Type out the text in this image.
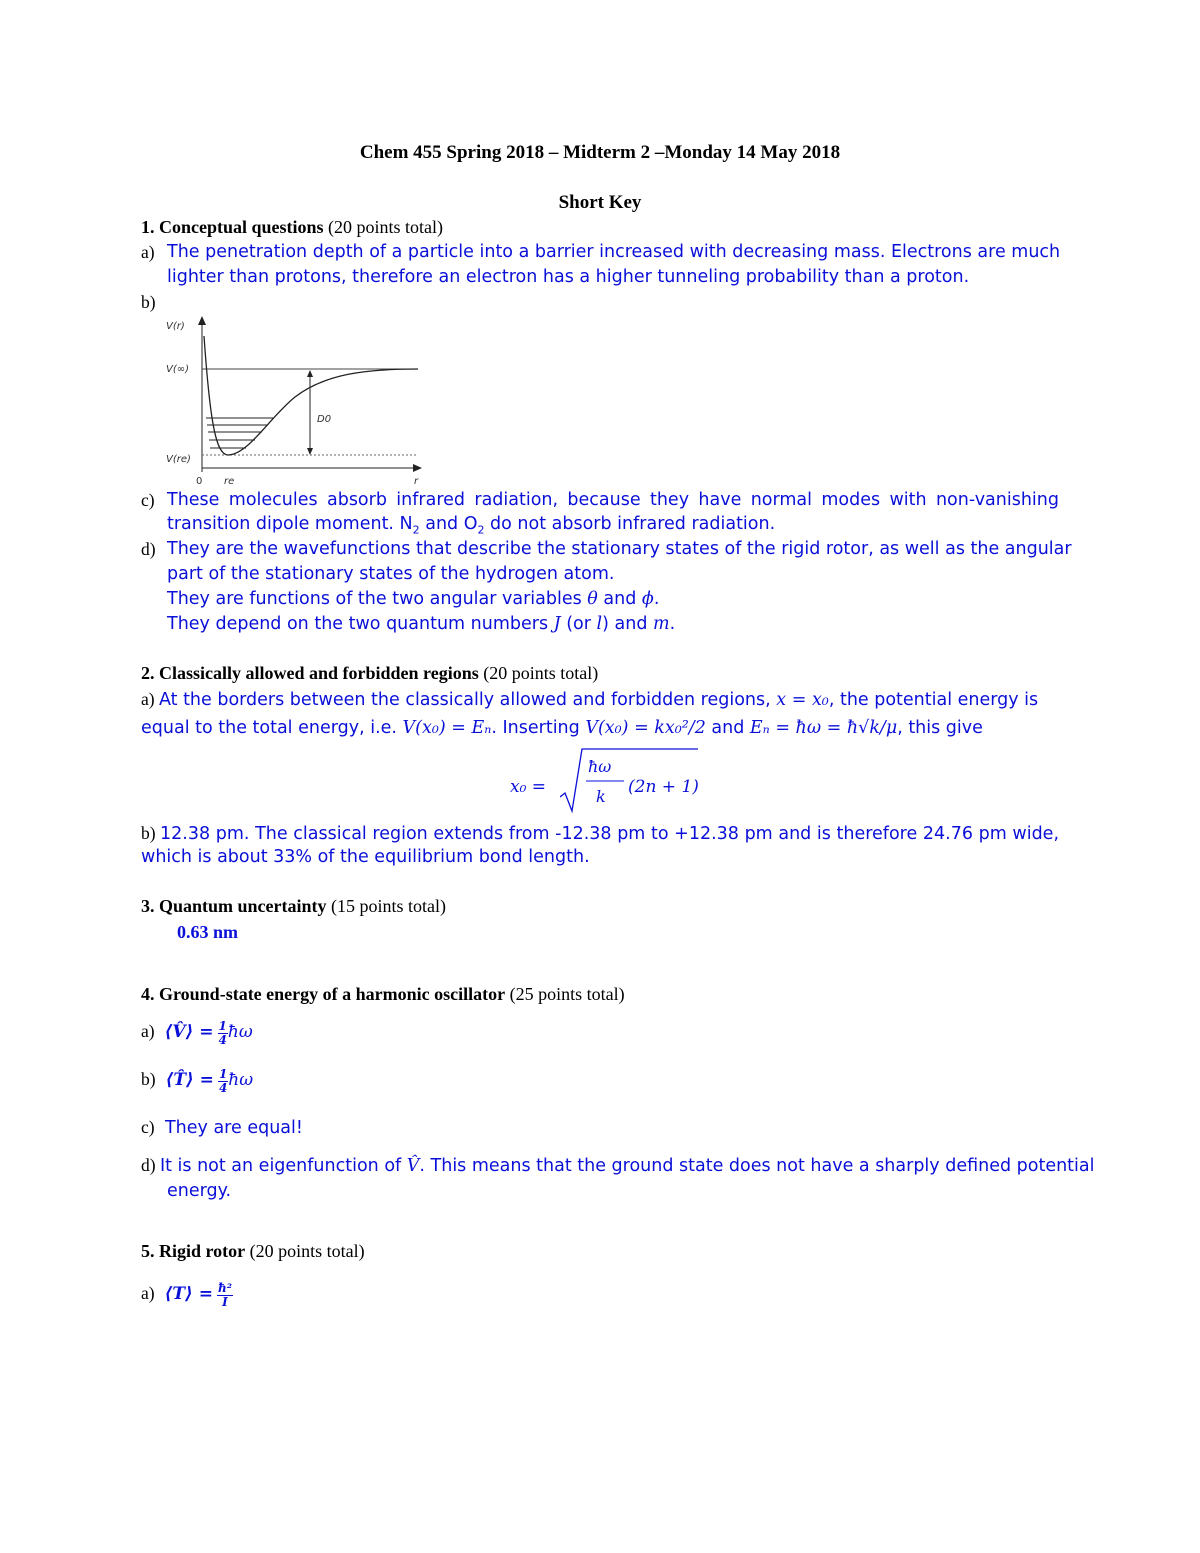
Chem 455 Spring 2018 – Midterm 2 –Monday 14 May 2018
Short Key
1. Conceptual questions (20 points total)
a) The penetration depth of a particle into a barrier increased with decreasing mass. Electrons are much
lighter than protons, therefore an electron has a higher tunneling probability than a proton.
b)
V(r)
V(∞)
V(re)
D0
0 re	r
c) These molecules absorb infrared radiation, because they have normal modes with non-vanishing
transition dipole moment. $N_2$ and $O_2$ do not absorb infrared radiation.
d) They are the wavefunctions that describe the stationary states of the rigid rotor, as well as the angular
part of the stationary states of the hydrogen atom.
They are functions of the two angular variables θ and ϕ.
They depend on the two quantum numbers J (or l) and m.
2. Classically allowed and forbidden regions (20 points total)
a) At the borders between the classically allowed and forbidden regions, x = x₀, the potential energy is
equal to the total energy, i.e. V(x₀) = Eₙ. Inserting V(x₀) = kx₀²/2 and Eₙ = ħω = ħ√k/μ, this give
x₀ =
ħω
k (2n + 1)
b) 12.38 pm. The classical region extends from -12.38 pm to +12.38 pm and is therefore 24.76 pm wide,
which is about 33% of the equilibrium bond length.
3. Quantum uncertainty (15 points total)
0.63 nm
4. Ground-state energy of a harmonic oscillator (25 points total)
a) ⟨V̂⟩ = $\frac{1}{4}$ ħω
b) ⟨T̂⟩ = $\frac{1}{4}$ ħω
c) They are equal!
d) It is not an eigenfunction of V̂. This means that the ground state does not have a sharply defined potential
energy.
5. Rigid rotor (20 points total)
a) ⟨T⟩ = $\frac{\text{ħ²}}{I}$
